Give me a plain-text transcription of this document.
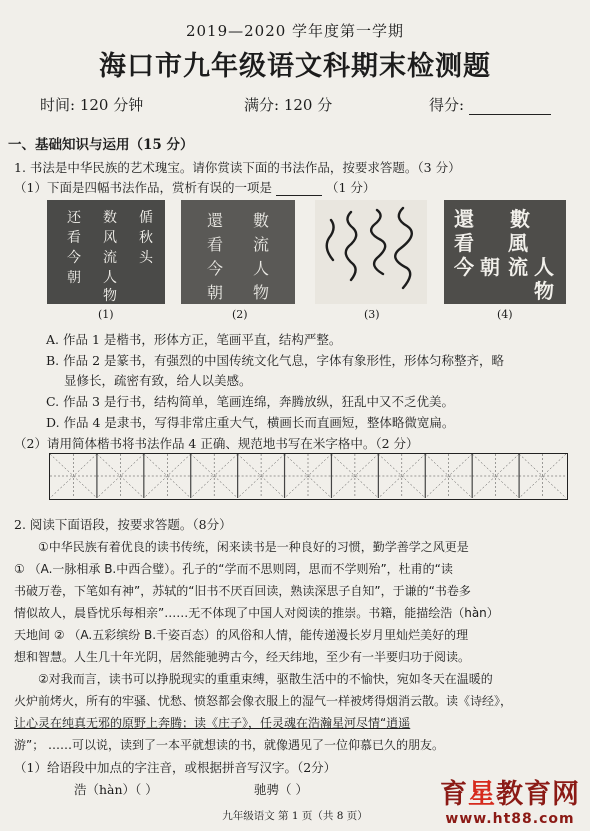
2019—2020 学年度第一学期
海口市九年级语文科期末检测题
时间: 120 分钟	满分: 120 分	得分:
一、基础知识与运用（15 分）
1. 书法是中华民族的艺术瑰宝。请你赏读下面的书法作品，按要求答题。（3 分）
（1）下面是四幅书法作品，赏析有误的一项是	（1 分）
偱
秋
头
数
风
流
人
物
还
看
今
朝
數
流
人
物
還
看
今
朝
數
風
流 人
物
還
看
今 朝
(1)	(2)	(3)	(4)
A. 作品 1 是楷书，形体方正，笔画平直，结构严整。
B. 作品 2 是篆书，有强烈的中国传统文化气息，字体有象形性，形体匀称整齐，略
显修长，疏密有致，给人以美感。
C. 作品 3 是行书，结构简单，笔画连绵，奔腾放纵，狂乱中又不乏优美。
D. 作品 4 是隶书，写得非常庄重大气，横画长而直画短，整体略微宽扁。
（2）请用简体楷书将书法作品 4 正确、规范地书写在米字格中。（2 分）
2. 阅读下面语段，按要求答题。（8分）
①中华民族有着优良的读书传统，闲来读书是一种良好的习惯，勤学善学之风更是
① （A.一脉相承 B.中西合璧）。孔子的“学而不思则罔，思而不学则殆”，杜甫的“读
书破万卷，下笔如有神”，苏轼的“旧书不厌百回读，熟读深思子自知”，于谦的“书卷多
情似故人，晨昏忧乐每相亲”……无不体现了中国人对阅读的推崇。书籍，能描绘浩（hàn）
天地间 ② （A.五彩缤纷 B.千姿百态）的风俗和人情，能传递漫长岁月里灿烂美好的理
想和智慧。人生几十年光阴，居然能驰骋古今，经天纬地，至少有一半要归功于阅读。
②对我而言，读书可以挣脱现实的重重束缚，驱散生活中的不愉快，宛如冬天在温暖的
火炉前烤火，所有的牢骚、忧愁、愤怒都会像衣服上的湿气一样被烤得烟消云散。读《诗经》，
让心灵在纯真无邪的原野上奔腾；读《庄子》，任灵魂在浩瀚星河尽情“逍遥
游”； ……可以说，读到了一本平就想读的书，就像遇见了一位仰慕已久的朋友。
（1）给语段中加点的字注音，或根据拼音写汉字。（2分）
浩（hàn）（ ）	驰骋（ ）
九年级语文 第 1 页（共 8 页）
育星教育网
www.ht88.com
